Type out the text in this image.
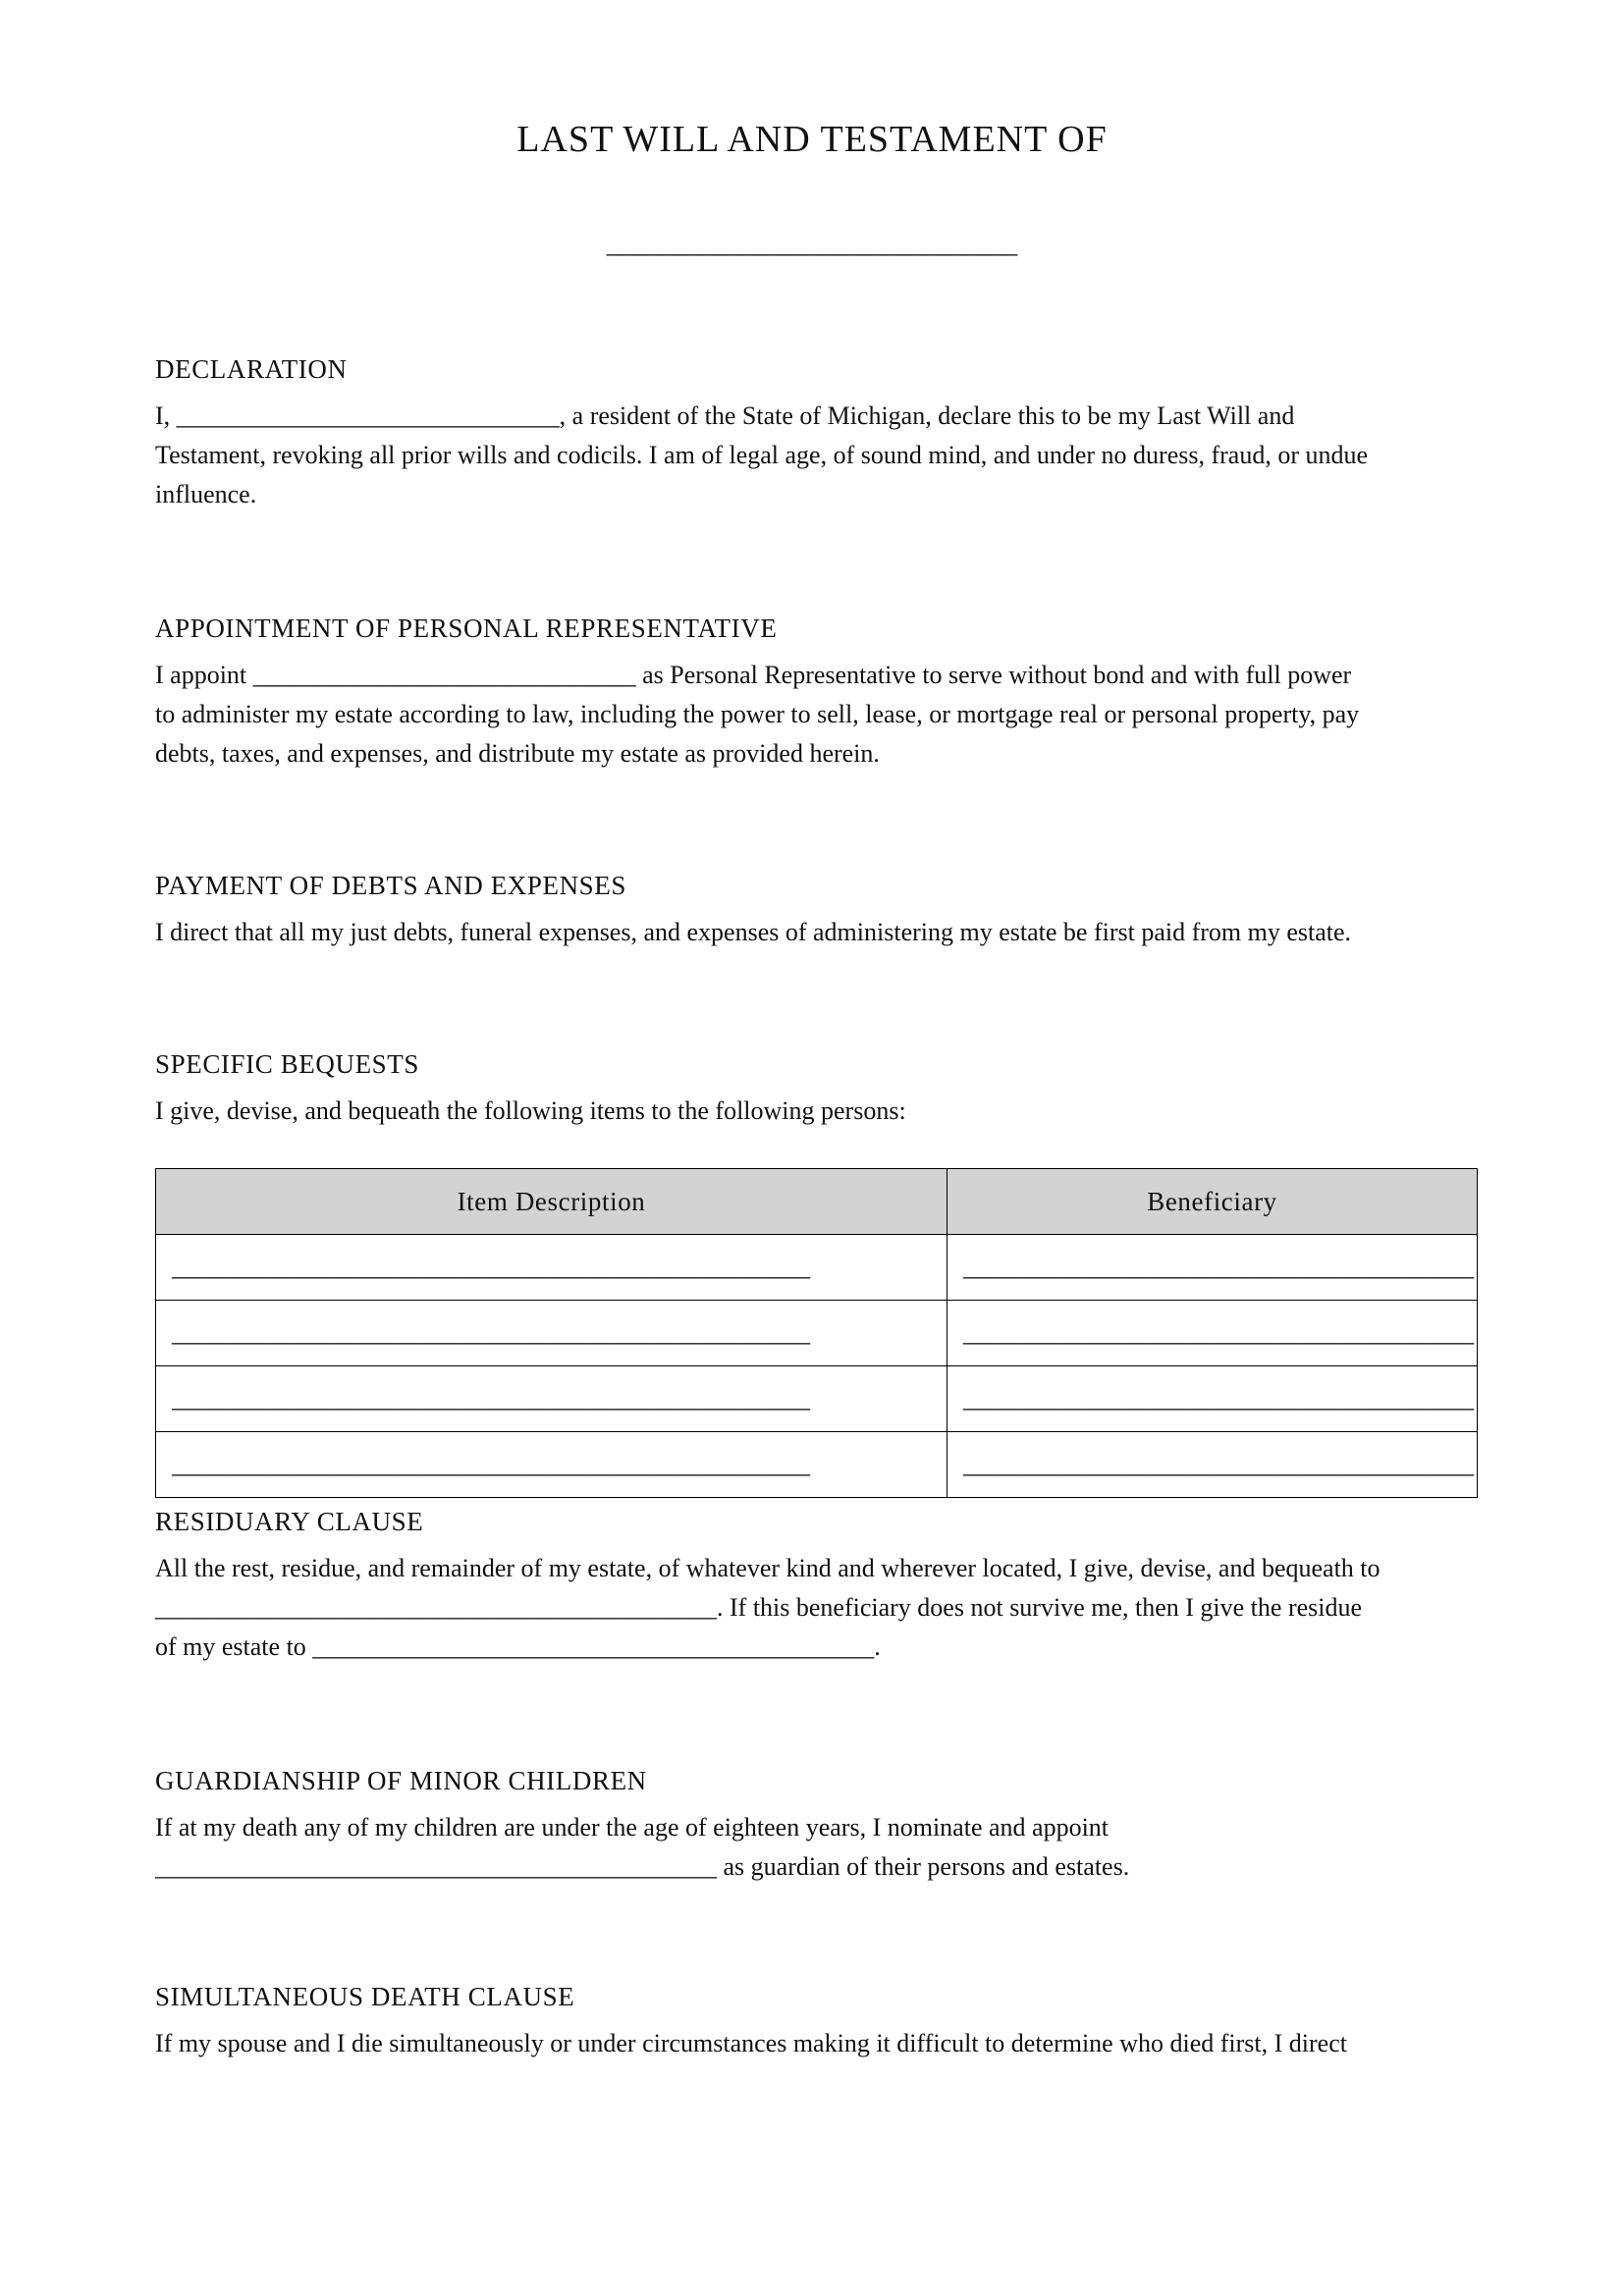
LAST WILL AND TESTAMENT OF
_______________________________
DECLARATION
I, ______________________________, a resident of the State of Michigan, declare this to be my Last Will and
Testament, revoking all prior wills and codicils. I am of legal age, of sound mind, and under no duress, fraud, or undue
influence.
APPOINTMENT OF PERSONAL REPRESENTATIVE
I appoint ______________________________ as Personal Representative to serve without bond and with full power
to administer my estate according to law, including the power to sell, lease, or mortgage real or personal property, pay
debts, taxes, and expenses, and distribute my estate as provided herein.
PAYMENT OF DEBTS AND EXPENSES
I direct that all my just debts, funeral expenses, and expenses of administering my estate be first paid from my estate.
SPECIFIC BEQUESTS
I give, devise, and bequeath the following items to the following persons:
Item Description	Beneficiary
__________________________________________________	________________________________________
__________________________________________________	________________________________________
__________________________________________________	________________________________________
__________________________________________________	________________________________________
RESIDUARY CLAUSE
All the rest, residue, and remainder of my estate, of whatever kind and wherever located, I give, devise, and bequeath to
____________________________________________. If this beneficiary does not survive me, then I give the residue
of my estate to ____________________________________________.
GUARDIANSHIP OF MINOR CHILDREN
If at my death any of my children are under the age of eighteen years, I nominate and appoint
____________________________________________ as guardian of their persons and estates.
SIMULTANEOUS DEATH CLAUSE
If my spouse and I die simultaneously or under circumstances making it difficult to determine who died first, I direct
